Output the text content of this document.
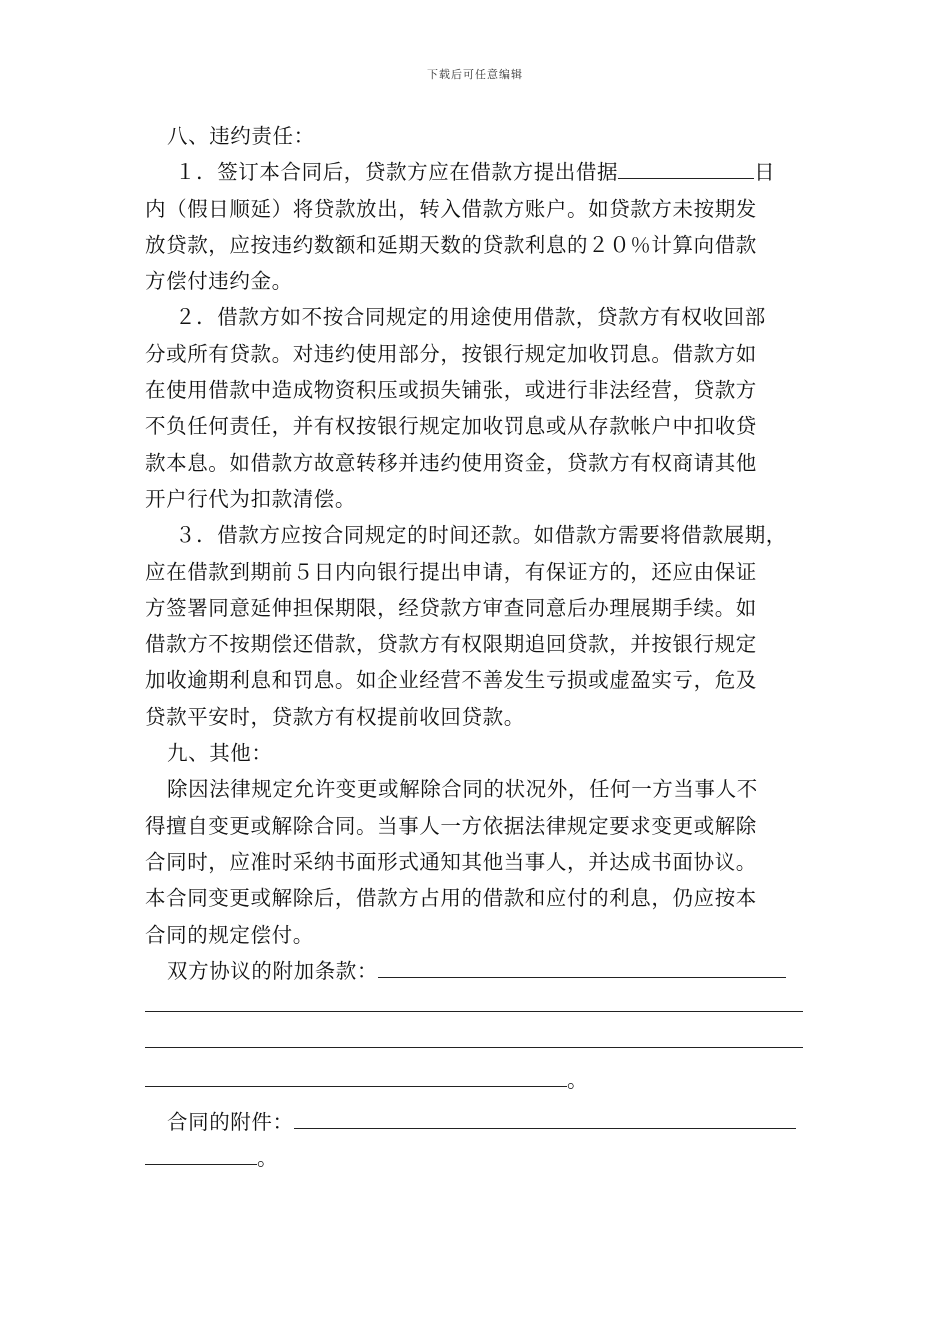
下载后可任意编辑
八、违约责任：
１．签订本合同后，贷款方应在借款方提出借据	日
内（假日顺延）将贷款放出，转入借款方账户。如贷款方未按期发
放贷款，应按违约数额和延期天数的贷款利息的２０％计算向借款
方偿付违约金。
２．借款方如不按合同规定的用途使用借款，贷款方有权收回部
分或所有贷款。对违约使用部分，按银行规定加收罚息。借款方如
在使用借款中造成物资积压或损失铺张，或进行非法经营，贷款方
不负任何责任，并有权按银行规定加收罚息或从存款帐户中扣收贷
款本息。如借款方故意转移并违约使用资金，贷款方有权商请其他
开户行代为扣款清偿。
３．借款方应按合同规定的时间还款。如借款方需要将借款展期，
应在借款到期前５日内向银行提出申请，有保证方的，还应由保证
方签署同意延伸担保期限，经贷款方审查同意后办理展期手续。如
借款方不按期偿还借款，贷款方有权限期追回贷款，并按银行规定
加收逾期利息和罚息。如企业经营不善发生亏损或虚盈实亏，危及
贷款平安时，贷款方有权提前收回贷款。
九、其他：
除因法律规定允许变更或解除合同的状况外，任何一方当事人不
得擅自变更或解除合同。当事人一方依据法律规定要求变更或解除
合同时，应准时采纳书面形式通知其他当事人，并达成书面协议。
本合同变更或解除后，借款方占用的借款和应付的利息，仍应按本
合同的规定偿付。
双方协议的附加条款：
。
合同的附件：
。
